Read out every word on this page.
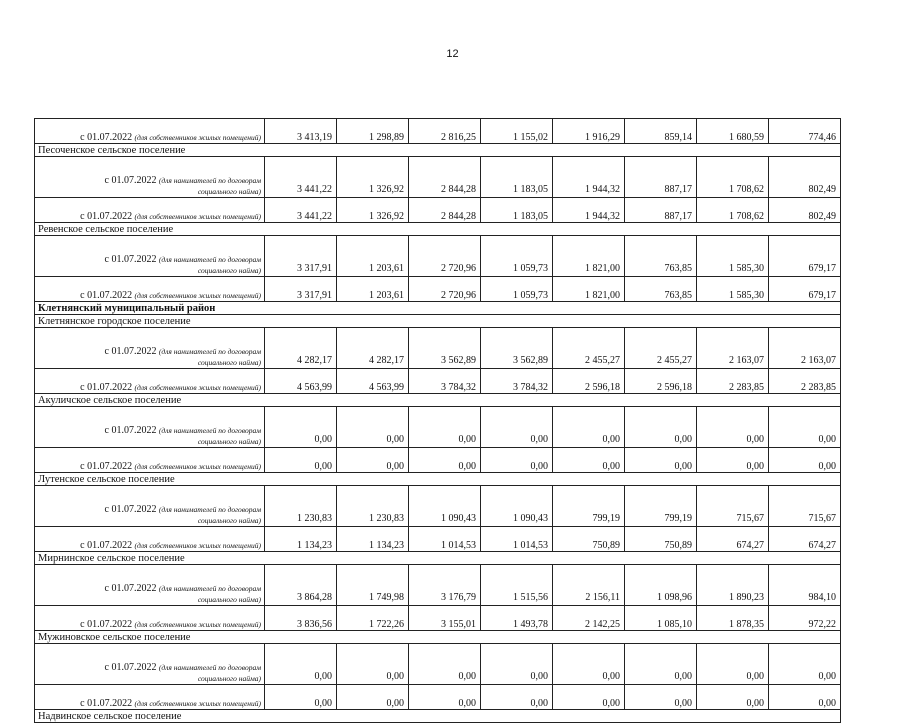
12
с 01.07.2022 (для собственников жилых помещений)	3 413,19	1 298,89	2 816,25	1 155,02	1 916,29	859,14	1 680,59	774,46
Песоченское сельское поселение								

с 01.07.2022 (для нанимателей по договорам
социального найма)	3 441,22	1 326,92	2 844,28	1 183,05	1 944,32	887,17	1 708,62	802,49
с 01.07.2022 (для собственников жилых помещений)	3 441,22	1 326,92	2 844,28	1 183,05	1 944,32	887,17	1 708,62	802,49
Ревенское сельское поселение								

с 01.07.2022 (для нанимателей по договорам
социального найма)	3 317,91	1 203,61	2 720,96	1 059,73	1 821,00	763,85	1 585,30	679,17
с 01.07.2022 (для собственников жилых помещений)	3 317,91	1 203,61	2 720,96	1 059,73	1 821,00	763,85	1 585,30	679,17
Клетнянский муниципальный район								
Клетнянское городское поселение								

с 01.07.2022 (для нанимателей по договорам
социального найма)	4 282,17	4 282,17	3 562,89	3 562,89	2 455,27	2 455,27	2 163,07	2 163,07
с 01.07.2022 (для собственников жилых помещений)	4 563,99	4 563,99	3 784,32	3 784,32	2 596,18	2 596,18	2 283,85	2 283,85
Акуличское сельское поселение								

с 01.07.2022 (для нанимателей по договорам
социального найма)	0,00	0,00	0,00	0,00	0,00	0,00	0,00	0,00
с 01.07.2022 (для собственников жилых помещений)	0,00	0,00	0,00	0,00	0,00	0,00	0,00	0,00
Лутенское сельское поселение								

с 01.07.2022 (для нанимателей по договорам
социального найма)	1 230,83	1 230,83	1 090,43	1 090,43	799,19	799,19	715,67	715,67
с 01.07.2022 (для собственников жилых помещений)	1 134,23	1 134,23	1 014,53	1 014,53	750,89	750,89	674,27	674,27
Мирнинское сельское поселение								

с 01.07.2022 (для нанимателей по договорам
социального найма)	3 864,28	1 749,98	3 176,79	1 515,56	2 156,11	1 098,96	1 890,23	984,10
с 01.07.2022 (для собственников жилых помещений)	3 836,56	1 722,26	3 155,01	1 493,78	2 142,25	1 085,10	1 878,35	972,22
Мужиновское сельское поселение								

с 01.07.2022 (для нанимателей по договорам
социального найма)	0,00	0,00	0,00	0,00	0,00	0,00	0,00	0,00
с 01.07.2022 (для собственников жилых помещений)	0,00	0,00	0,00	0,00	0,00	0,00	0,00	0,00
Надвинское сельское поселение								
